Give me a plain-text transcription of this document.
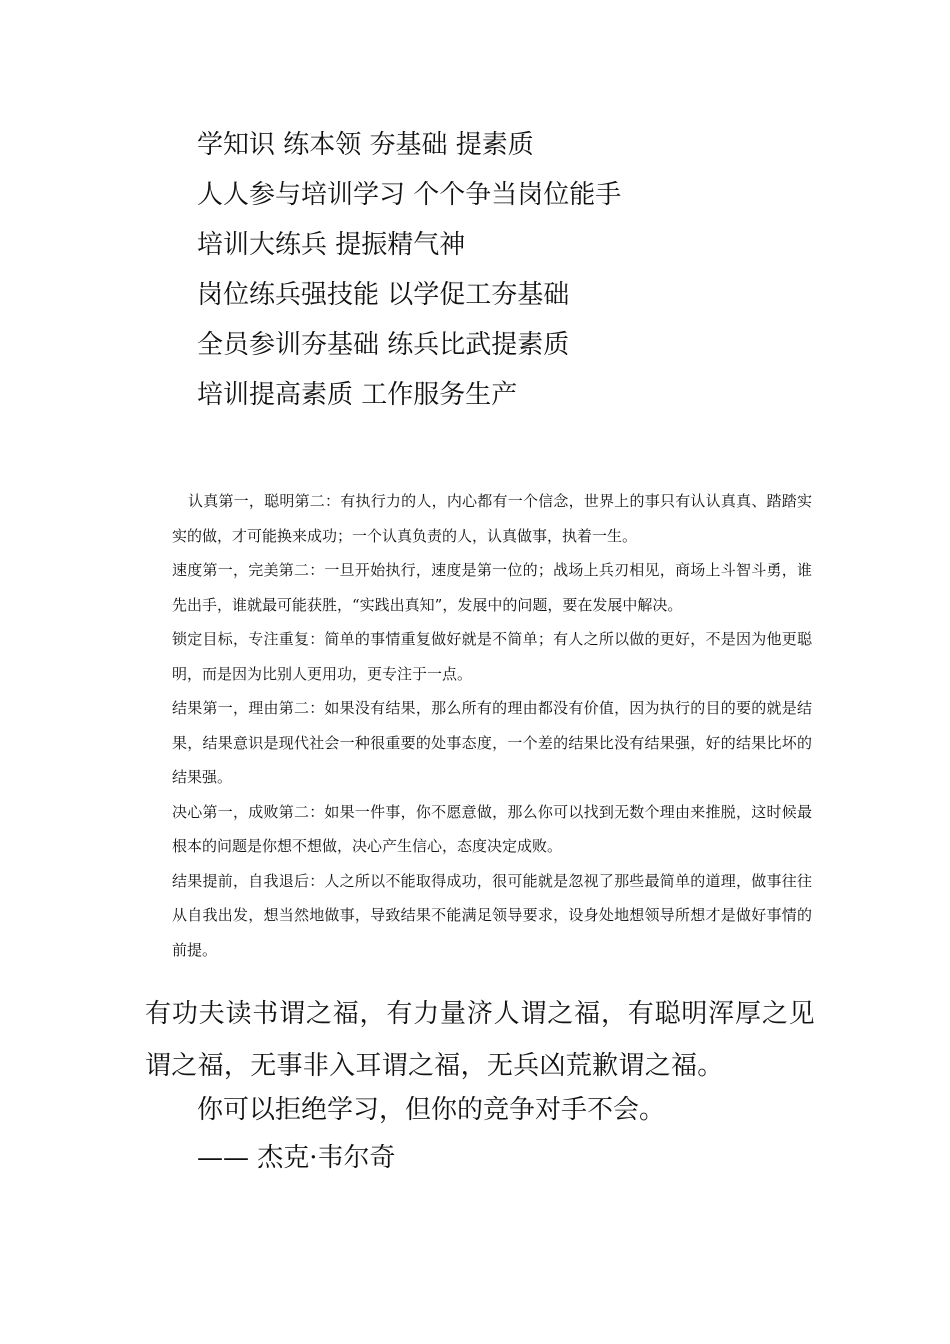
学知识 练本领 夯基础 提素质
人人参与培训学习 个个争当岗位能手
培训大练兵 提振精气神
岗位练兵强技能 以学促工夯基础
全员参训夯基础 练兵比武提素质
培训提高素质 工作服务生产

认真第一，聪明第二：有执行力的人，内心都有一个信念，世界上的事只有认认真真、踏踏实实的做，才可能换来成功；一个认真负责的人，认真做事，执着一生。

速度第一，完美第二：一旦开始执行，速度是第一位的；战场上兵刃相见，商场上斗智斗勇，谁先出手，谁就最可能获胜，“实践出真知”，发展中的问题，要在发展中解决。

锁定目标，专注重复：简单的事情重复做好就是不简单；有人之所以做的更好，不是因为他更聪明，而是因为比别人更用功，更专注于一点。

结果第一，理由第二：如果没有结果，那么所有的理由都没有价值，因为执行的目的要的就是结果，结果意识是现代社会一种很重要的处事态度，一个差的结果比没有结果强，好的结果比坏的结果强。

决心第一，成败第二：如果一件事，你不愿意做，那么你可以找到无数个理由来推脱，这时候最根本的问题是你想不想做，决心产生信心，态度决定成败。

结果提前，自我退后：人之所以不能取得成功，很可能就是忽视了那些最简单的道理，做事往往从自我出发，想当然地做事，导致结果不能满足领导要求，设身处地想领导所想才是做好事情的前提。

有功夫读书谓之福，有力量济人谓之福，有聪明浑厚之见谓之福，无事非入耳谓之福，无兵凶荒歉谓之福。
你可以拒绝学习，但你的竞争对手不会。
—— 杰克·韦尔奇
